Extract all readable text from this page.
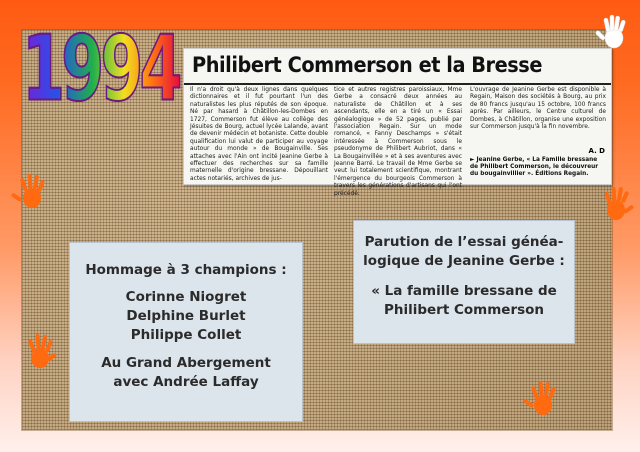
1994 Philibert Commerson et la Bresse
Il n'a droit qu'à deux lignes dans quelques dictionnaires et il fut pourtant l'un des naturalistes les plus réputés de son époque. Né par hasard à Châtillon-les-Dombes en 1727, Commerson fut élève au collège des Jésuites de Bourg, actuel lycée Lalande, avant de devenir médecin et botaniste. Cette double qualification lui valut de participer au voyage autour du monde » de Bougainville. Ses attaches avec l'Ain ont incité Jeanine Gerbe à effectuer des recherches sur sa famille maternelle d'origine bressane. Dépouillant actes notariés, archives de jus-
tice et autres registres paroissiaux, Mme Gerbe a consacré deux années au naturaliste de Châtillon et à ses ascendants, elle en a tiré un « Essai généalogique » de 52 pages, publié par l'association Regain. Sur un mode romancé, « Fanny Deschamps » s'était intéressée à Commerson sous le pseudonyme de Philibert Aubriot, dans « La Bougainvillée » et à ses aventures avec Jeanne Barré. Le travail de Mme Gerbe se veut lui totalement scientifique, montrant l'émergence du bourgeois Commerson à travers les générations d'artisans qui l'ont précédé.
L'ouvrage de Jeanine Gerbe est disponible à Regain, Maison des sociétés à Bourg, au prix de 80 francs jusqu'au 15 octobre, 100 francs après. Par ailleurs, le Centre culturel de Dombes, à Châtillon, organise une exposition sur Commerson jusqu'à la fin novembre.
A. D
► Jeanine Gerbe, « La Famille bressane de Philibert Commerson, le découvreur du bougainvillier ». Éditions Regain.
Hommage à 3 champions :
Corinne Niogret
Delphine Burlet
Philippe Collet
Au Grand Abergement
avec Andrée Laffay
Parution de l’essai généa-
logique de Jeanine Gerbe :
« La famille bressane de
Philibert Commerson
